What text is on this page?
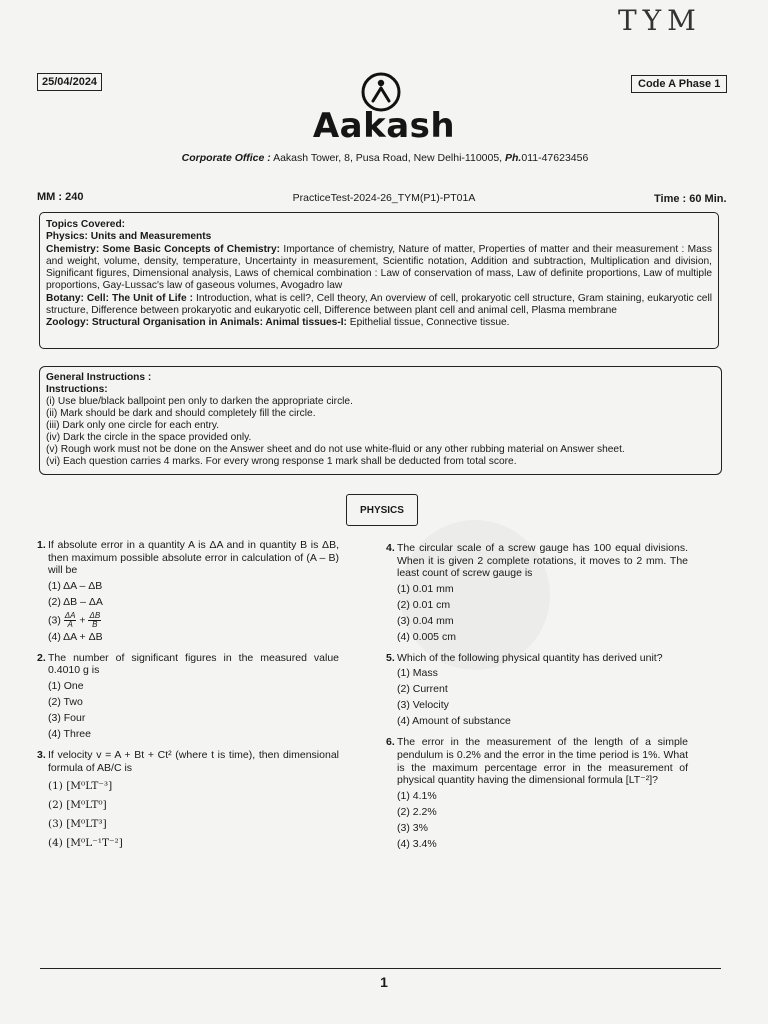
TYM
25/04/2024	Code A Phase 1
Aakash
Corporate Office : Aakash Tower, 8, Pusa Road, New Delhi-110005, Ph.011-47623456
MM : 240	PracticeTest-2024-26_TYM(P1)-PT01A	Time : 60 Min.
Topics Covered:
Physics: Units and Measurements
Chemistry: Some Basic Concepts of Chemistry: Importance of chemistry, Nature of matter, Properties of matter and their measurement : Mass and weight, volume, density, temperature, Uncertainty in measurement, Scientific notation, Addition and subtraction, Multiplication and division, Significant figures, Dimensional analysis, Laws of chemical combination : Law of conservation of mass, Law of definite proportions, Law of multiple proportions, Gay-Lussac's law of gaseous volumes, Avogadro law
Botany: Cell: The Unit of Life : Introduction, what is cell?, Cell theory, An overview of cell, prokaryotic cell structure, Gram staining, eukaryotic cell structure, Difference between prokaryotic and eukaryotic cell, Difference between plant cell and animal cell, Plasma membrane
Zoology: Structural Organisation in Animals: Animal tissues-I: Epithelial tissue, Connective tissue.
General Instructions :
Instructions:
(i) Use blue/black ballpoint pen only to darken the appropriate circle.
(ii) Mark should be dark and should completely fill the circle.
(iii) Dark only one circle for each entry.
(iv) Dark the circle in the space provided only.
(v) Rough work must not be done on the Answer sheet and do not use white-fluid or any other rubbing material on Answer sheet.
(vi) Each question carries 4 marks. For every wrong response 1 mark shall be deducted from total score.
PHYSICS
1. If absolute error in a quantity A is ΔA and in quantity B is ΔB, then maximum possible absolute error in calculation of (A – B) will be
(1) ΔA – ΔB
(2) ΔB – ΔA
$(3) \frac{\Delta A}{A} + \frac{\Delta B}{B}$
(4) ΔA + ΔB
2. The number of significant figures in the measured value 0.4010 g is
(1) One
(2) Two
(3) Four
(4) Three
3. If velocity v = A + Bt + Ct² (where t is time), then dimensional formula of AB/C is
(1) [M⁰LT⁻³]
(2) [M⁰LT⁰]
(3) [M⁰LT³]
(4) [M⁰L⁻¹T⁻²]
4. The circular scale of a screw gauge has 100 equal divisions. When it is given 2 complete rotations, it moves to 2 mm. The least count of screw gauge is
(1) 0.01 mm
(2) 0.01 cm
(3) 0.04 mm
(4) 0.005 cm
5. Which of the following physical quantity has derived unit?
(1) Mass
(2) Current
(3) Velocity
(4) Amount of substance
6. The error in the measurement of the length of a simple pendulum is 0.2% and the error in the time period is 1%. What is the maximum percentage error in the measurement of physical quantity having the dimensional formula [LT⁻²]?
(1) 4.1%
(2) 2.2%
(3) 3%
(4) 3.4%
1
